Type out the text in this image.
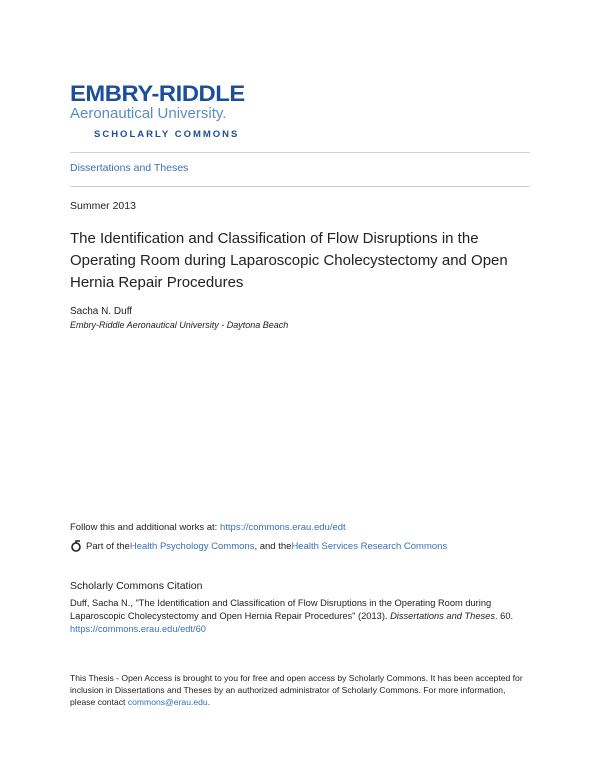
EMBRY-RIDDLE
Aeronautical University.
SCHOLARLY COMMONS
Dissertations and Theses
Summer 2013
The Identification and Classification of Flow Disruptions in the Operating Room during Laparoscopic Cholecystectomy and Open Hernia Repair Procedures
Sacha N. Duff
Embry-Riddle Aeronautical University - Daytona Beach
Follow this and additional works at: https://commons.erau.edu/edt
Part of the Health Psychology Commons , and the Health Services Research Commons
Scholarly Commons Citation
Duff, Sacha N., "The Identification and Classification of Flow Disruptions in the Operating Room during Laparoscopic Cholecystectomy and Open Hernia Repair Procedures" (2013). Dissertations and Theses. 60.
https://commons.erau.edu/edt/60
This Thesis - Open Access is brought to you for free and open access by Scholarly Commons. It has been accepted for inclusion in Dissertations and Theses by an authorized administrator of Scholarly Commons. For more information, please contact commons@erau.edu.
